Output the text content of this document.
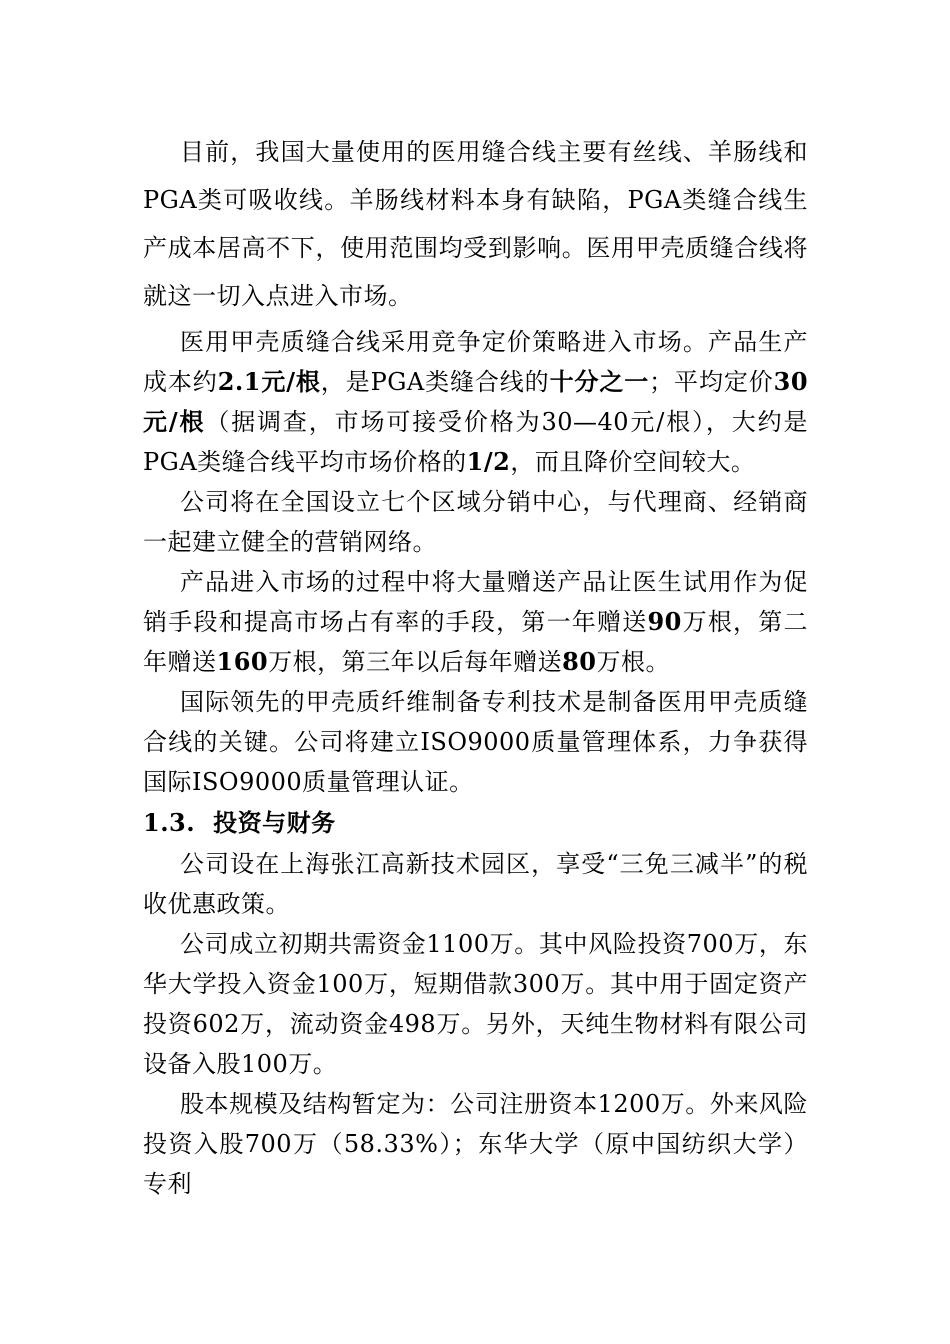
目前，我国大量使用的医用缝合线主要有丝线、羊肠线和PGA类可吸收线。羊肠线材料本身有缺陷，PGA类缝合线生产成本居高不下，使用范围均受到影响。医用甲壳质缝合线将就这一切入点进入市场。

医用甲壳质缝合线采用竞争定价策略进入市场。产品生产成本约2.1元/根，是PGA类缝合线的十分之一；平均定价30元/根（据调查，市场可接受价格为30—40元/根），大约是PGA类缝合线平均市场价格的1/2，而且降价空间较大。

公司将在全国设立七个区域分销中心，与代理商、经销商一起建立健全的营销网络。

产品进入市场的过程中将大量赠送产品让医生试用作为促销手段和提高市场占有率的手段，第一年赠送90万根，第二年赠送160万根，第三年以后每年赠送80万根。

国际领先的甲壳质纤维制备专利技术是制备医用甲壳质缝合线的关键。公司将建立ISO9000质量管理体系，力争获得国际ISO9000质量管理认证。

1.3. 投资与财务

公司设在上海张江高新技术园区，享受“三免三减半”的税收优惠政策。

公司成立初期共需资金1100万。其中风险投资700万，东华大学投入资金100万，短期借款300万。其中用于固定资产投资602万，流动资金498万。另外，天纯生物材料有限公司设备入股100万。

股本规模及结构暂定为：公司注册资本1200万。外来风险投资入股700万（58.33%）；东华大学（原中国纺织大学）专利
